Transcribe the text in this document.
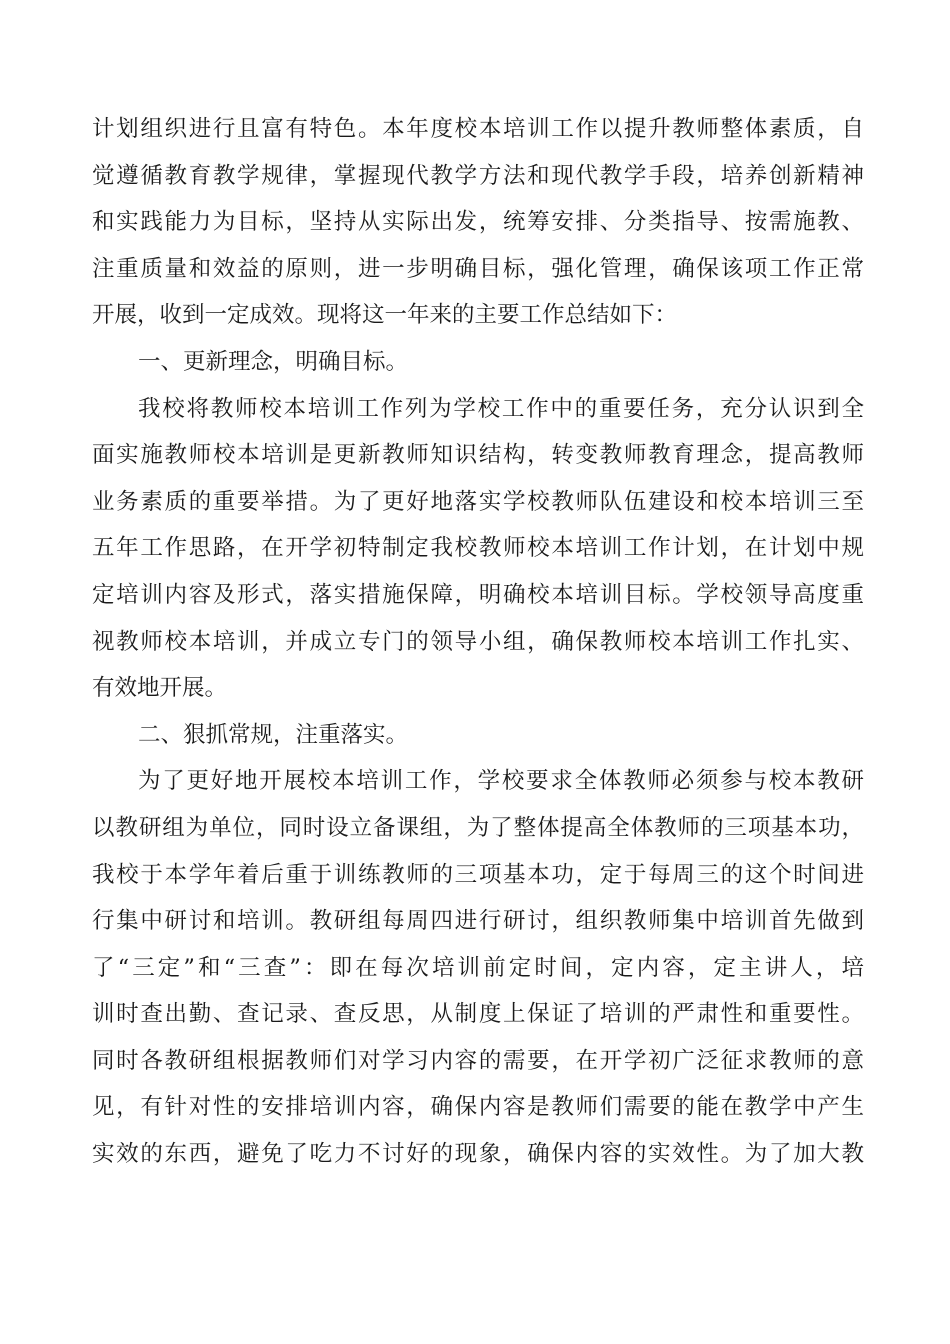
计划组织进行且富有特色。本年度校本培训工作以提升教师整体素质，自
觉遵循教育教学规律，掌握现代教学方法和现代教学手段，培养创新精神
和实践能力为目标，坚持从实际出发，统筹安排、分类指导、按需施教、
注重质量和效益的原则，进一步明确目标，强化管理，确保该项工作正常
开展，收到一定成效。现将这一年来的主要工作总结如下：
一、更新理念，明确目标。
我校将教师校本培训工作列为学校工作中的重要任务，充分认识到全
面实施教师校本培训是更新教师知识结构，转变教师教育理念，提高教师
业务素质的重要举措。为了更好地落实学校教师队伍建设和校本培训三至
五年工作思路，在开学初特制定我校教师校本培训工作计划，在计划中规
定培训内容及形式，落实措施保障，明确校本培训目标。学校领导高度重
视教师校本培训，并成立专门的领导小组，确保教师校本培训工作扎实、
有效地开展。
二、狠抓常规，注重落实。
为了更好地开展校本培训工作，学校要求全体教师必须参与校本教研
以教研组为单位，同时设立备课组，为了整体提高全体教师的三项基本功，
我校于本学年着后重于训练教师的三项基本功，定于每周三的这个时间进
行集中研讨和培训。教研组每周四进行研讨，组织教师集中培训首先做到
了“三定”和“三查”：即在每次培训前定时间，定内容，定主讲人，培
训时查出勤、查记录、查反思，从制度上保证了培训的严肃性和重要性。
同时各教研组根据教师们对学习内容的需要，在开学初广泛征求教师的意
见，有针对性的安排培训内容，确保内容是教师们需要的能在教学中产生
实效的东西，避免了吃力不讨好的现象，确保内容的实效性。为了加大教
